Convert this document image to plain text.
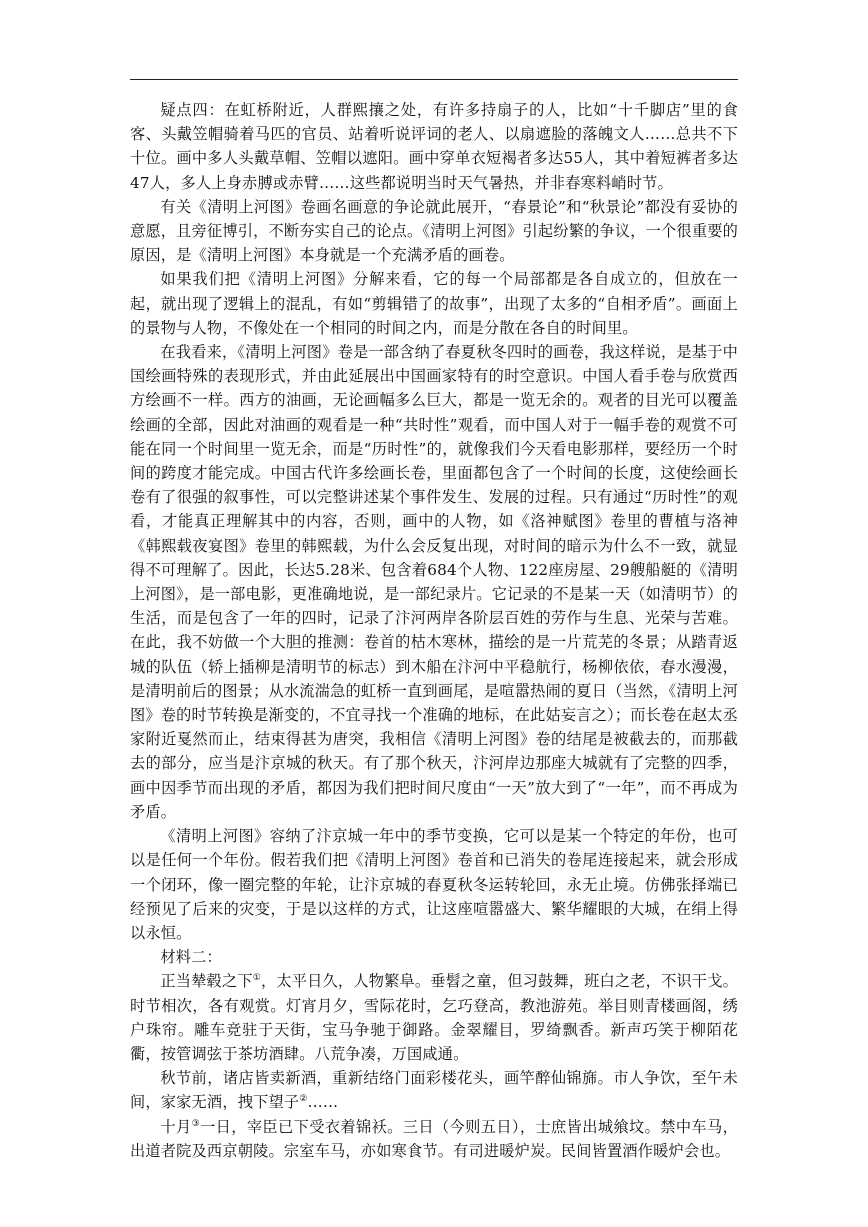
疑点四：在虹桥附近，人群熙攘之处，有许多持扇子的人，比如“十千脚店”里的食客、头戴笠帽骑着马匹的官员、站着听说评词的老人、以扇遮脸的落魄文人……总共不下十位。画中多人头戴草帽、笠帽以遮阳。画中穿单衣短褐者多达55人，其中着短裤者多达47人，多人上身赤膊或赤臂……这些都说明当时天气暑热，并非春寒料峭时节。

有关《清明上河图》卷画名画意的争论就此展开，“春景论”和“秋景论”都没有妥协的意愿，且旁征博引，不断夯实自己的论点。《清明上河图》引起纷繁的争议，一个很重要的原因，是《清明上河图》本身就是一个充满矛盾的画卷。

如果我们把《清明上河图》分解来看，它的每一个局部都是各自成立的，但放在一起，就出现了逻辑上的混乱，有如“剪辑错了的故事”，出现了太多的“自相矛盾”。画面上的景物与人物，不像处在一个相同的时间之内，而是分散在各自的时间里。

在我看来，《清明上河图》卷是一部含纳了春夏秋冬四时的画卷，我这样说，是基于中国绘画特殊的表现形式，并由此延展出中国画家特有的时空意识。中国人看手卷与欣赏西方绘画不一样。西方的油画，无论画幅多么巨大，都是一览无余的。观者的目光可以覆盖绘画的全部，因此对油画的观看是一种“共时性”观看，而中国人对于一幅手卷的观赏不可能在同一个时间里一览无余，而是“历时性”的，就像我们今天看电影那样，要经历一个时间的跨度才能完成。中国古代许多绘画长卷，里面都包含了一个时间的长度，这使绘画长卷有了很强的叙事性，可以完整讲述某个事件发生、发展的过程。只有通过“历时性”的观看，才能真正理解其中的内容，否则，画中的人物，如《洛神赋图》卷里的曹植与洛神《韩熙载夜宴图》卷里的韩熙载，为什么会反复出现，对时间的暗示为什么不一致，就显得不可理解了。因此，长达5.28米、包含着684个人物、122座房屋、29艘船艇的《清明上河图》，是一部电影，更准确地说，是一部纪录片。它记录的不是某一天（如清明节）的生活，而是包含了一年的四时，记录了汴河两岸各阶层百姓的劳作与生息、光荣与苦难。在此，我不妨做一个大胆的推测：卷首的枯木寒林，描绘的是一片荒芜的冬景；从踏青返城的队伍（轿上插柳是清明节的标志）到木船在汴河中平稳航行，杨柳依依，春水漫漫，是清明前后的图景；从水流湍急的虹桥一直到画尾，是喧嚣热闹的夏日（当然，《清明上河图》卷的时节转换是渐变的，不宜寻找一个准确的地标，在此姑妄言之）；而长卷在赵太丞家附近戛然而止，结束得甚为唐突，我相信《清明上河图》卷的结尾是被截去的，而那截去的部分，应当是汴京城的秋天。有了那个秋天，汴河岸边那座大城就有了完整的四季，画中因季节而出现的矛盾，都因为我们把时间尺度由“一天”放大到了“一年”，而不再成为矛盾。

《清明上河图》容纳了汴京城一年中的季节变换，它可以是某一个特定的年份，也可以是任何一个年份。假若我们把《清明上河图》卷首和已消失的卷尾连接起来，就会形成一个闭环，像一圈完整的年轮，让汴京城的春夏秋冬运转轮回，永无止境。仿佛张择端已经预见了后来的灾变，于是以这样的方式，让这座喧嚣盛大、繁华耀眼的大城，在绢上得以永恒。

材料二：

正当辇毂之下①，太平日久，人物繁阜。垂髫之童，但习鼓舞，班白之老，不识干戈。时节相次，各有观赏。灯宵月夕，雪际花时，乞巧登高，教池游苑。举目则青楼画阁，绣户珠帘。雕车竞驻于天街，宝马争驰于御路。金翠耀目，罗绮飘香。新声巧笑于柳陌花衢，按管调弦于茶坊酒肆。八荒争凑，万国咸通。

秋节前，诸店皆卖新酒，重新结络门面彩楼花头，画竿醉仙锦旆。市人争饮，至午未间，家家无酒，拽下望子②……

十月③一日，宰臣已下受衣着锦袄。三日（今则五日），士庶皆出城飨坟。禁中车马，出道者院及西京朝陵。宗室车马，亦如寒食节。有司进暖炉炭。民间皆置酒作暖炉会也。
